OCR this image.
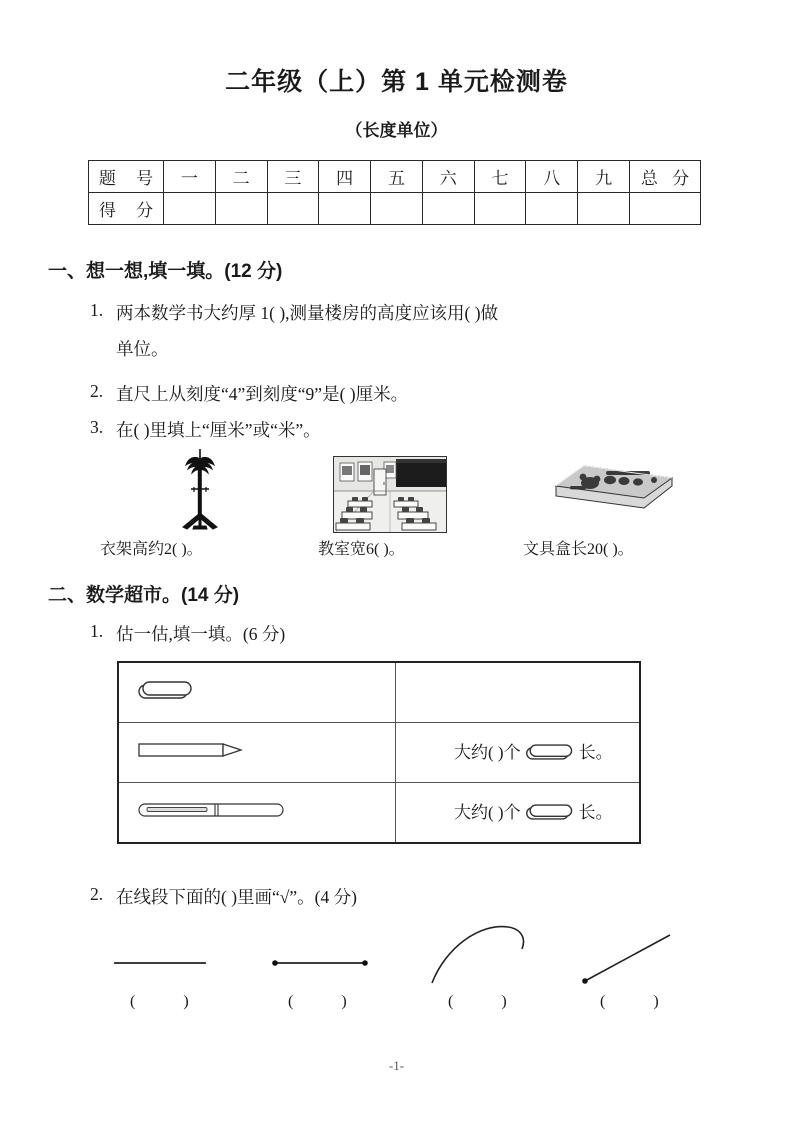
二年级（上）第 1 单元检测卷
（长度单位）
题 号	一	二	三	四	五	六	七	八	九	总 分
得 分										
一、想一想,填一填。(12 分)
1. 两本数学书大约厚 1( ),测量楼房的高度应该用( )做
单位。
2. 直尺上从刻度“4”到刻度“9”是( )厘米。
3. 在( )里填上“厘米”或“米”。
衣架高约2( )。	教室宽6( )。	文具盒长20( )。
二、数学超市。(14 分)
1. 估一估,填一填。(6 分)

	大约( )个 长。
	大约( )个 长。
2. 在线段下面的( )里画“√”。(4 分)
( )	( )	( )	( )
-1-
